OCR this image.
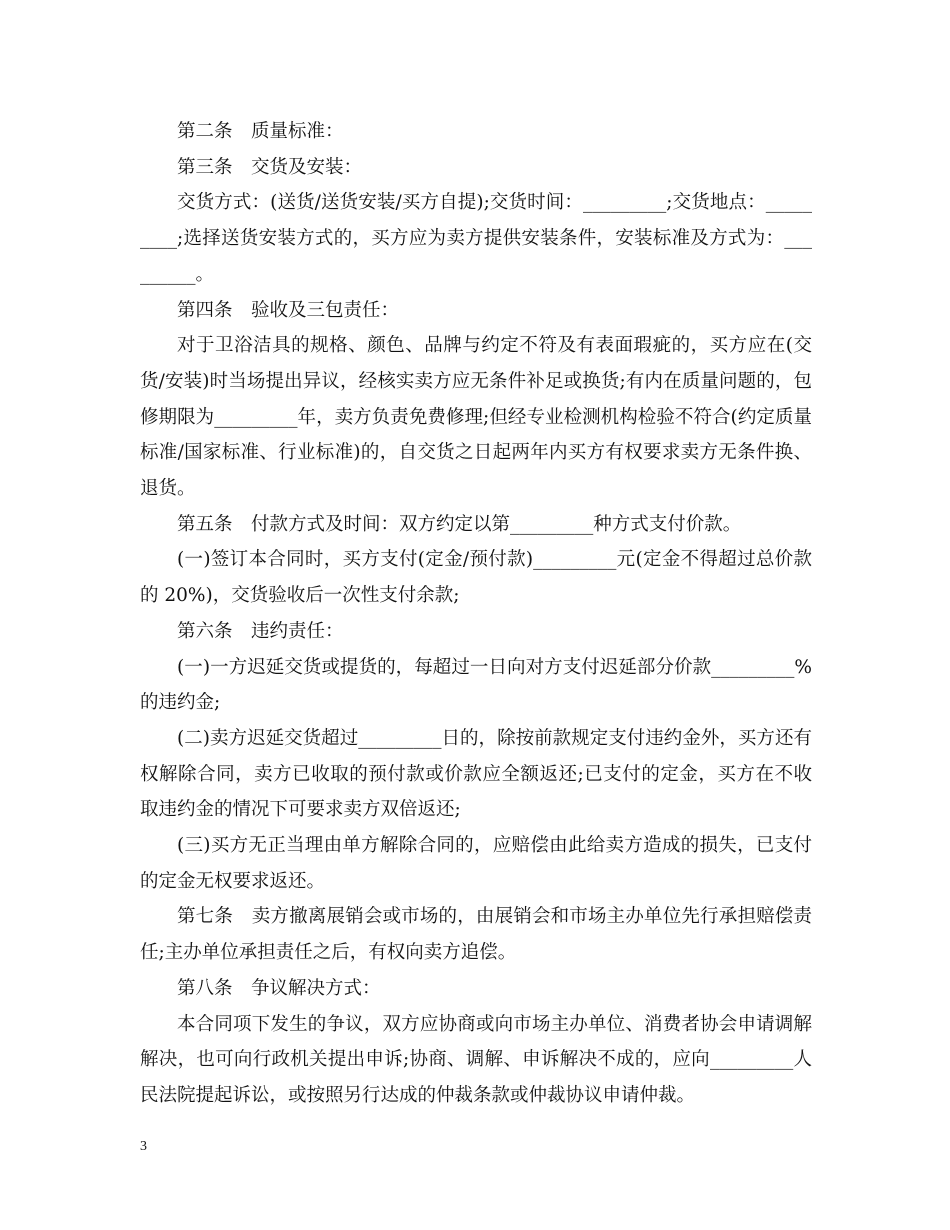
第二条　质量标准：

第三条　交货及安装：

交货方式：(送货/送货安装/买方自提);交货时间：_________;交货地点：_________;选择送货安装方式的，买方应为卖方提供安装条件，安装标准及方式为：_________。

第四条　验收及三包责任：

对于卫浴洁具的规格、颜色、品牌与约定不符及有表面瑕疵的，买方应在(交货/安装)时当场提出异议，经核实卖方应无条件补足或换货;有内在质量问题的，包修期限为_________年，卖方负责免费修理;但经专业检测机构检验不符合(约定质量标准/国家标准、行业标准)的，自交货之日起两年内买方有权要求卖方无条件换、退货。

第五条　付款方式及时间：双方约定以第_________种方式支付价款。

(一)签订本合同时，买方支付(定金/预付款)_________元(定金不得超过总价款的 20%)，交货验收后一次性支付余款;

第六条　违约责任：

(一)一方迟延交货或提货的，每超过一日向对方支付迟延部分价款_________%的违约金;

(二)卖方迟延交货超过_________日的，除按前款规定支付违约金外，买方还有权解除合同，卖方已收取的预付款或价款应全额返还;已支付的定金，买方在不收取违约金的情况下可要求卖方双倍返还;

(三)买方无正当理由单方解除合同的，应赔偿由此给卖方造成的损失，已支付的定金无权要求返还。

第七条　卖方撤离展销会或市场的，由展销会和市场主办单位先行承担赔偿责任;主办单位承担责任之后，有权向卖方追偿。

第八条　争议解决方式：

本合同项下发生的争议，双方应协商或向市场主办单位、消费者协会申请调解解决，也可向行政机关提出申诉;协商、调解、申诉解决不成的，应向_________人民法院提起诉讼，或按照另行达成的仲裁条款或仲裁协议申请仲裁。

3
